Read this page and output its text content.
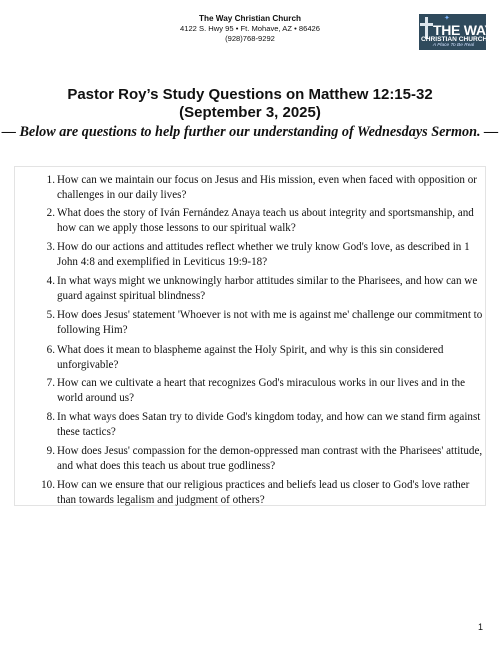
The Way Christian Church
4122 S. Hwy 95 • Ft. Mohave, AZ • 86426
(928)768-9292
✦
THE WAY
CHRISTIAN CHURCH
A Place To Be Real
Pastor Roy’s Study Questions on Matthew 12:15-32
(September 3, 2025)
— Below are questions to help further our understanding of Wednesdays Sermon. —
1. How can we maintain our focus on Jesus and His mission, even when faced with opposition or challenges in our daily lives?
2. What does the story of Iván Fernández Anaya teach us about integrity and sportsmanship, and how can we apply those lessons to our spiritual walk?
3. How do our actions and attitudes reflect whether we truly know God's love, as described in 1 John 4:8 and exemplified in Leviticus 19:9-18?
4. In what ways might we unknowingly harbor attitudes similar to the Pharisees, and how can we guard against spiritual blindness?
5. How does Jesus' statement 'Whoever is not with me is against me' challenge our commitment to following Him?
6. What does it mean to blaspheme against the Holy Spirit, and why is this sin considered unforgivable?
7. How can we cultivate a heart that recognizes God's miraculous works in our lives and in the world around us?
8. In what ways does Satan try to divide God's kingdom today, and how can we stand firm against these tactics?
9. How does Jesus' compassion for the demon-oppressed man contrast with the Pharisees' attitude, and what does this teach us about true godliness?
10. How can we ensure that our religious practices and beliefs lead us closer to God's love rather than towards legalism and judgment of others?
1
